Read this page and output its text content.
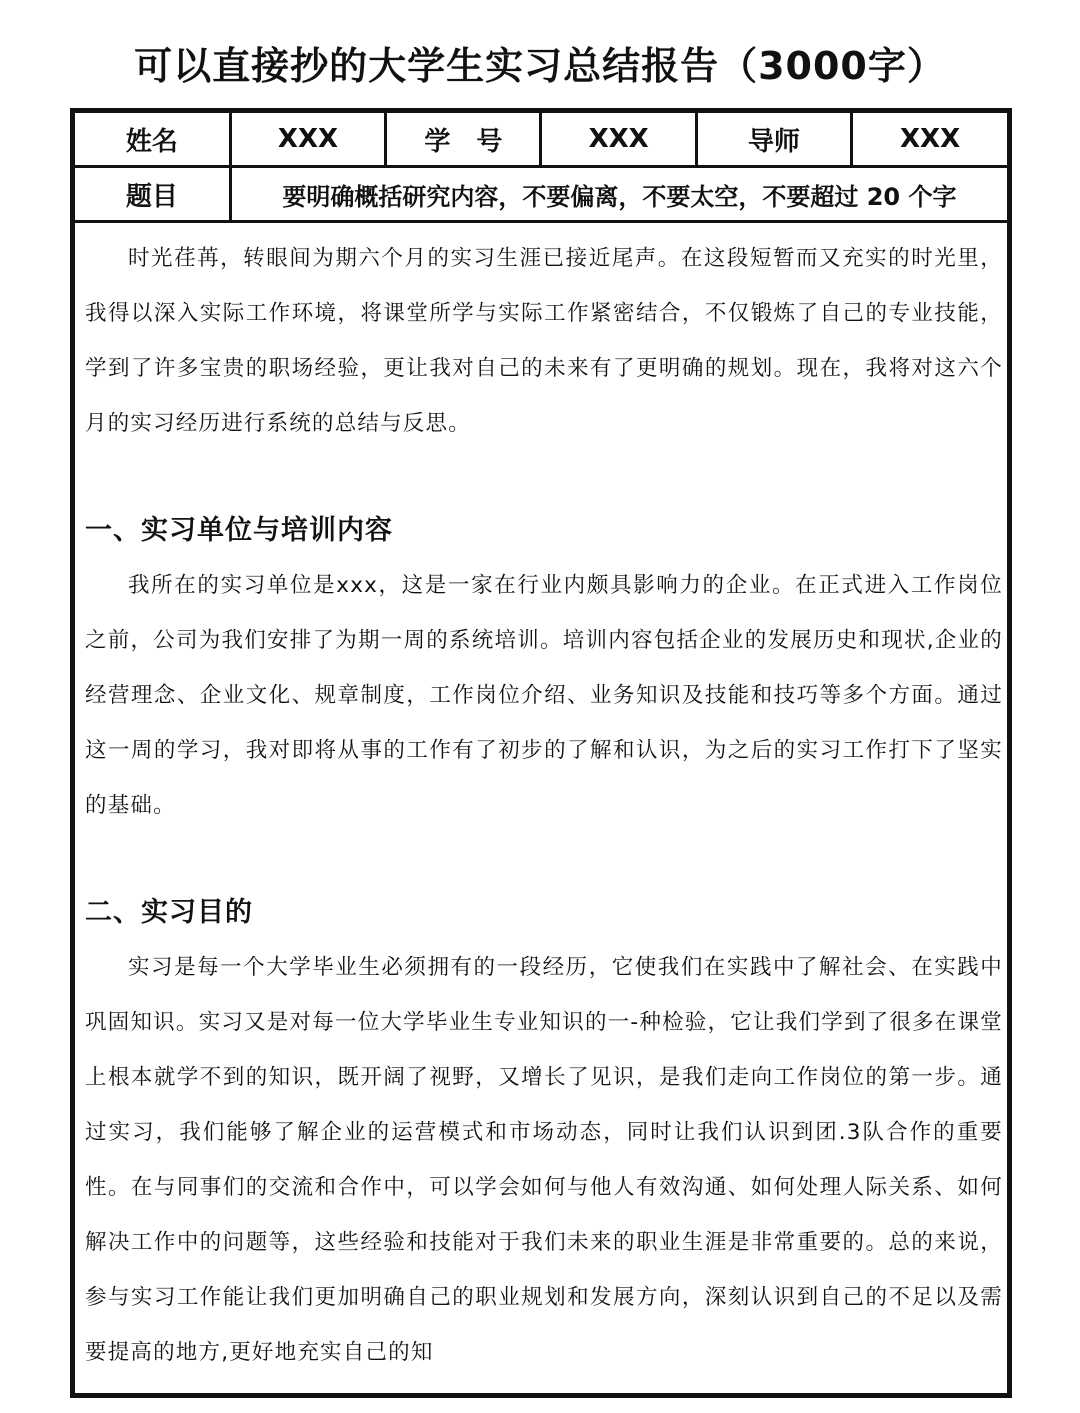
可以直接抄的大学生实习总结报告（3000字）
姓名	XXX	学　号	XXX	导师	XXX
题目	要明确概括研究内容，不要偏离，不要太空，不要超过 20 个字				

时光荏苒，转眼间为期六个月的实习生涯已接近尾声。在这段短暂而又充实的时光里，我得以深入实际工作环境，将课堂所学与实际工作紧密结合，不仅锻炼了自己的专业技能，学到了许多宝贵的职场经验，更让我对自己的未来有了更明确的规划。现在，我将对这六个月的实习经历进行系统的总结与反思。

一、实习单位与培训内容

我所在的实习单位是xxx，这是一家在行业内颇具影响力的企业。在正式进入工作岗位之前，公司为我们安排了为期一周的系统培训。培训内容包括企业的发展历史和现状,企业的经营理念、企业文化、规章制度，工作岗位介绍、业务知识及技能和技巧等多个方面。通过这一周的学习，我对即将从事的工作有了初步的了解和认识，为之后的实习工作打下了坚实的基础。

二、实习目的

实习是每一个大学毕业生必须拥有的一段经历，它使我们在实践中了解社会、在实践中巩固知识。实习又是对每一位大学毕业生专业知识的一-种检验，它让我们学到了很多在课堂上根本就学不到的知识，既开阔了视野，又增长了见识，是我们走向工作岗位的第一步。通过实习，我们能够了解企业的运营模式和市场动态，同时让我们认识到团.3队合作的重要性。在与同事们的交流和合作中，可以学会如何与他人有效沟通、如何处理人际关系、如何解决工作中的问题等，这些经验和技能对于我们未来的职业生涯是非常重要的。总的来说，参与实习工作能让我们更加明确自己的职业规划和发展方向，深刻认识到自己的不足以及需要提高的地方,更好地充实自己的知
